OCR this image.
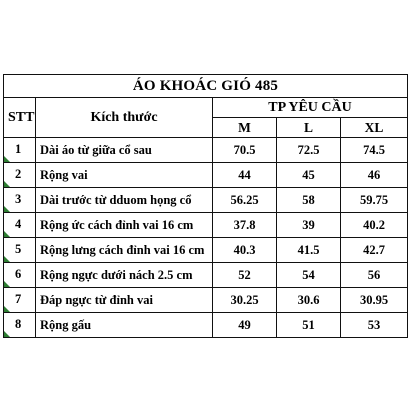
ÁO KHOÁC GIÓ 485				
STT	Kích thước	TP YÊU CẦU		
		M	L	XL

1	Dài áo từ giữa cổ sau	70.5	72.5	74.5

2	Rộng vai	44	45	46

3	Dài trước từ dduom họng cổ	56.25	58	59.75

4	Rộng ức cách đỉnh vai 16 cm	37.8	39	40.2

5	Rộng lưng cách đỉnh vai 16 cm	40.3	41.5	42.7

6	Rộng ngực dưới nách 2.5 cm	52	54	56

7	Đáp ngực từ đỉnh vai	30.25	30.6	30.95

8	Rộng gấu	49	51	53
